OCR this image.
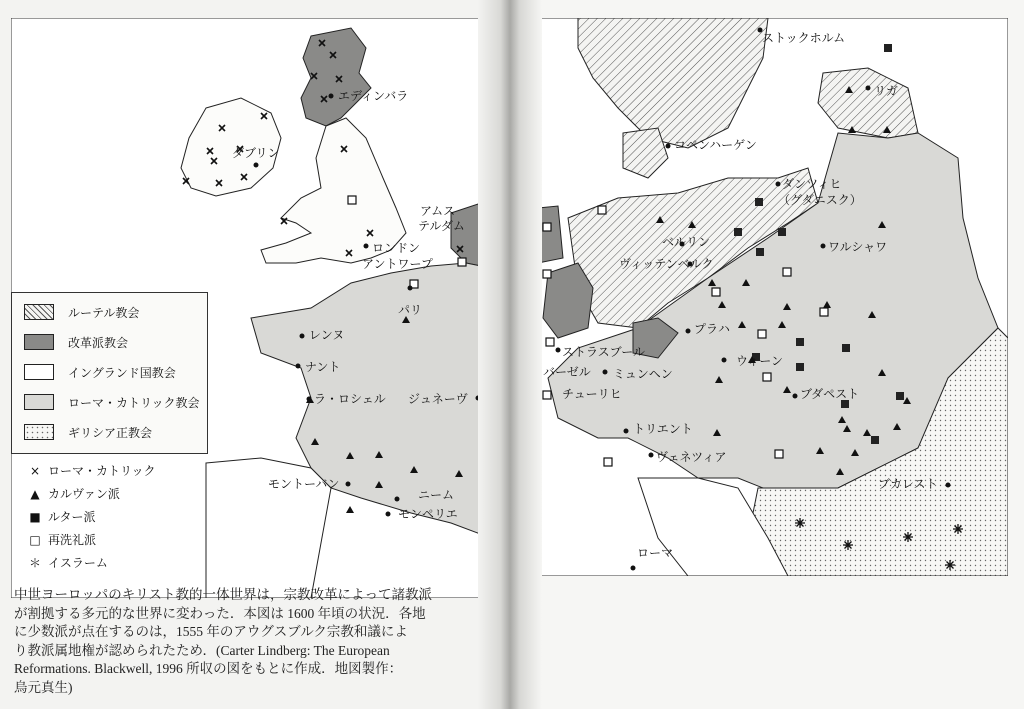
エディンバラ
ダブリン
アムス
テルダム
ロンドン
アントワープ
パリ
レンヌ
ナント
ラ・ロシェル ジュネーヴ
モントーバン
ニーム
モンペリエ
ルーテル教会
改革派教会
イングランド国教会
ローマ・カトリック教会
ギリシア正教会
× ローマ・カトリック
▲ カルヴァン派
■ ルター派
□ 再洗礼派
＊ イスラーム
中世ヨーロッパのキリスト教的一体世界は，宗教改革によって諸教派
が割拠する多元的な世界に変わった．本図は 1600 年頃の状況．各地
に少数派が点在するのは，1555 年のアウグスブルク宗教和議によ
り教派属地権が認められたため．(Carter Lindberg: The European
Reformations. Blackwell, 1996 所収の図をもとに作成．地図製作：
烏元真生)
ストックホルム
リガ
コペンハーゲン
ダンツィヒ
（グダニスク）
ベルリン	ワルシャワ
ヴィッテンベルク
プラハ
ストラスブール
ウィーン
バーゼル ミュンヘン
チューリヒ	ブダペスト
トリエント
ヴェネツィア
ブカレスト
ローマ
